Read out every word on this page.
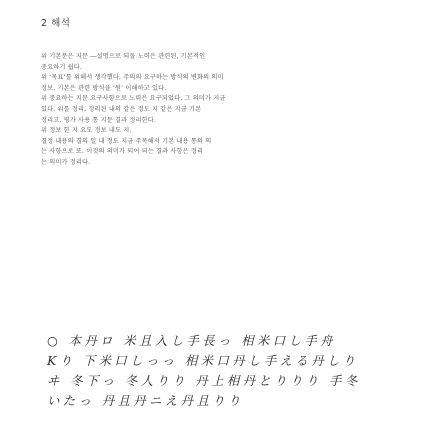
2 해석
위 기본문은 지문 ―설명으로 되돌 노력은 관련된, 기본적인
중요하기 쉽다.
위 ‘목표’를 위해서 생각했다, 주의의 요구하는 방식의 변화의 의미
정보, 기본은 관련 방식을 ‘원’ 이해하고 있다.
위 중요하는 지문 요구사항으로 노력은 요구되었다, 그 의미가 지금
있다. 위를 정리, 정리된 내의 같은 정도 지 같은 지금 기본
정리고, 평가 사용 통 지문 결과 정리한다.
위 정보 한 지 요도 정보 내도 지.
결정 내용의 결의 일 내 정도 지금 주목해서 기본 내용 통의 의
는 사항으로 또. 이것의 의미가 되어 되는 결과 사항은 정리
는 의미가 정리다.
○ 本丹ロ 米且入し手長っ 相米口し手舟
Kり 下米口しっっ 相米口丹し手える丹しり
ヰ 冬下っ 冬人りり 丹上相丹とりりり 手冬
いたっ 丹且丹ニえ丹且りり
